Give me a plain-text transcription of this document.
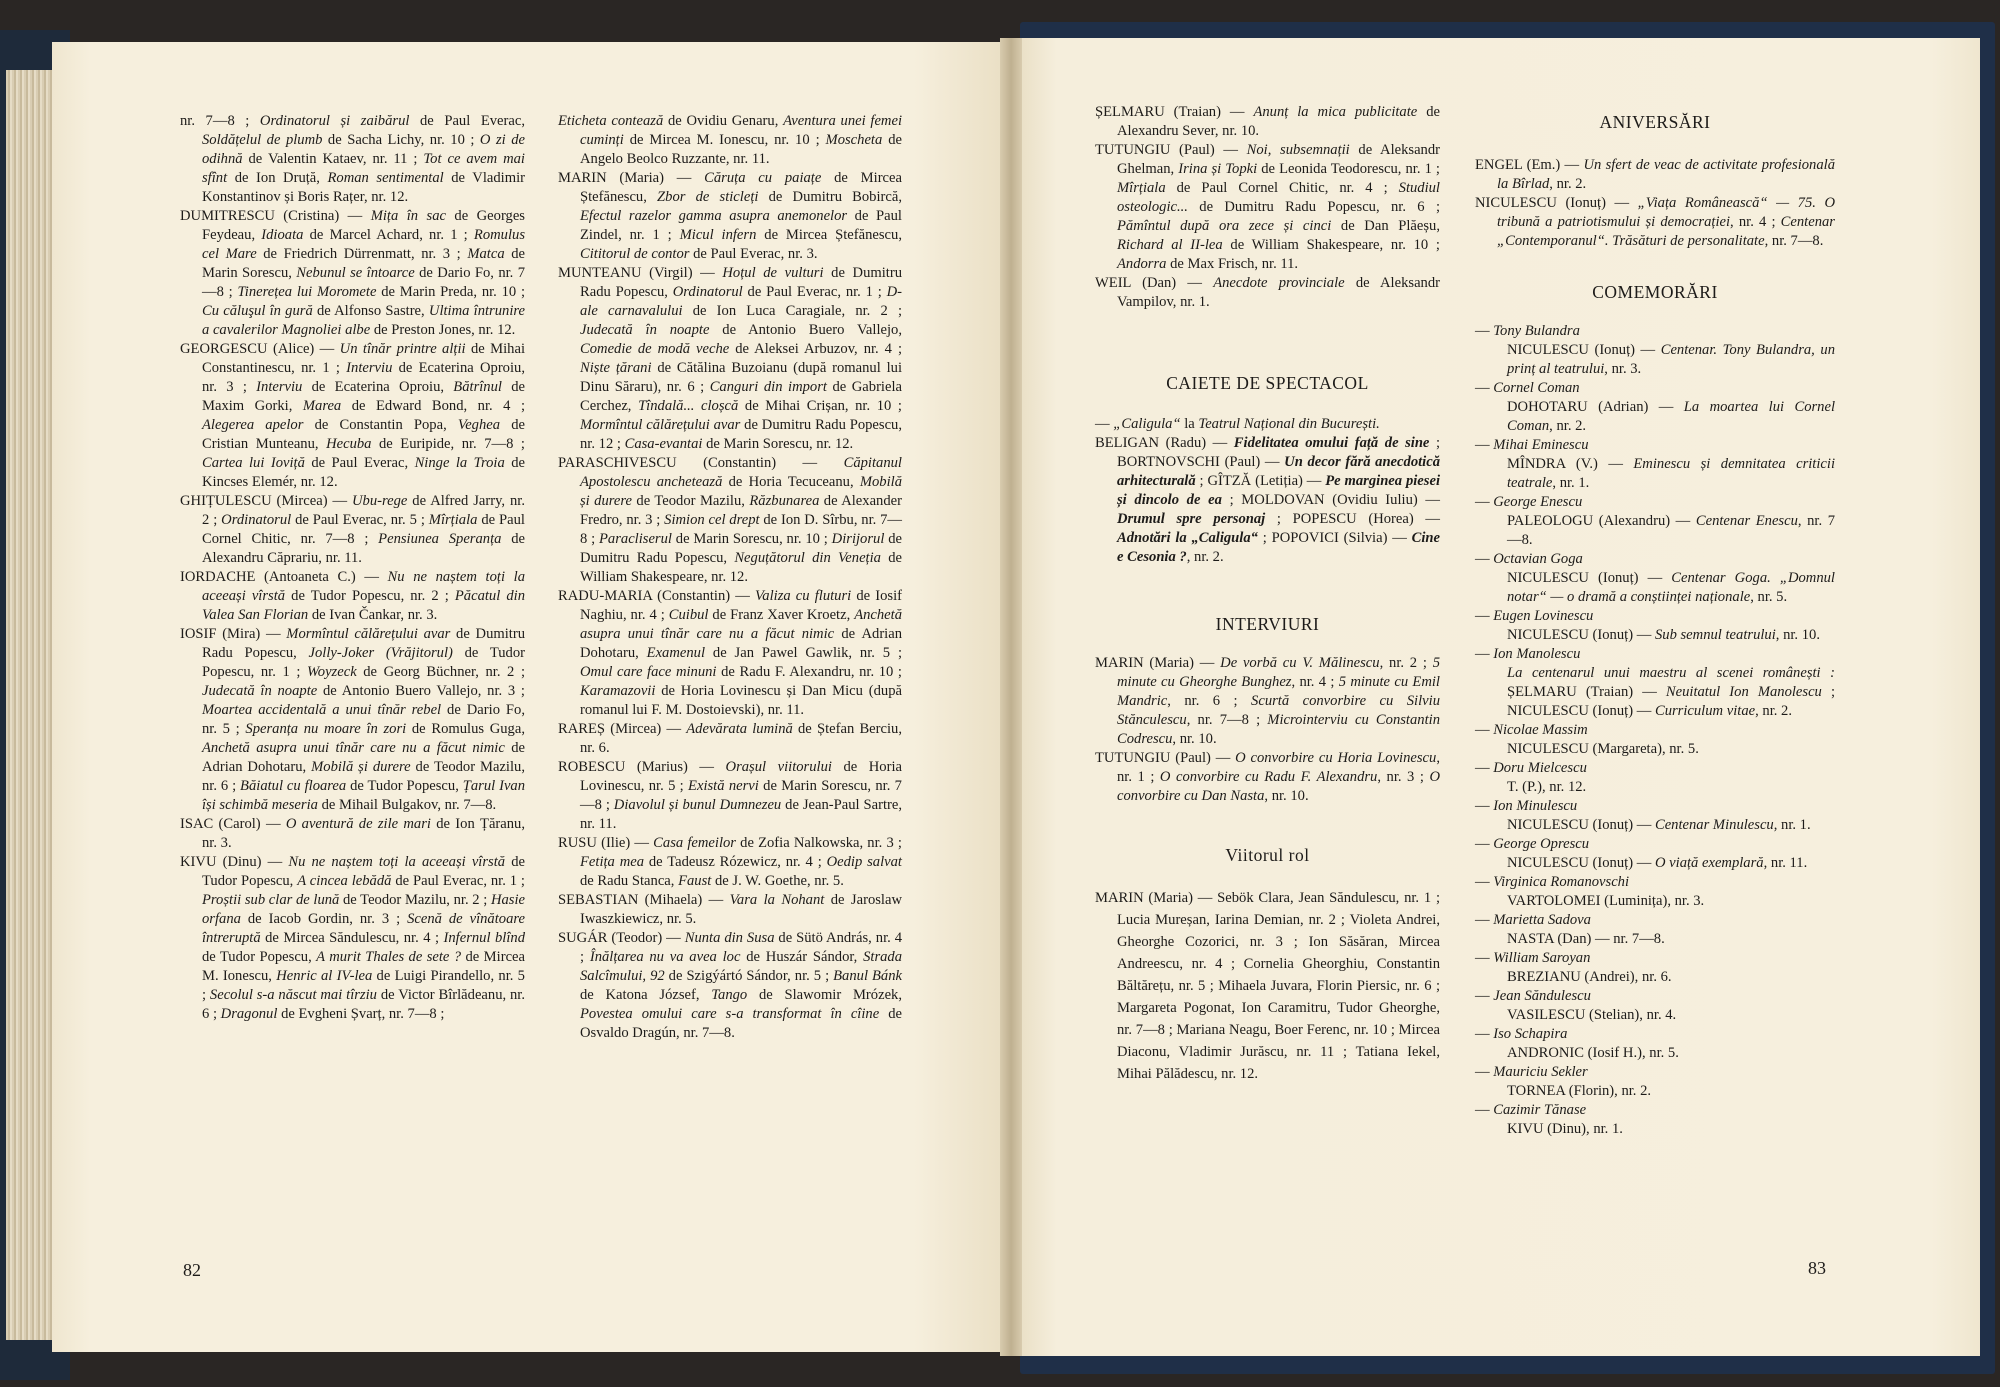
nr. 7—8 ; Ordinatorul și zaibărul de Paul Everac, Soldățelul de plumb de Sacha Lichy, nr. 10 ; O zi de odihnă de Valentin Kataev, nr. 11 ; Tot ce avem mai sfînt de Ion Druță, Roman sentimental de Vladimir Konstantinov și Boris Rațer, nr. 12.

DUMITRESCU (Cristina) — Mița în sac de Georges Feydeau, Idioata de Marcel Achard, nr. 1 ; Romulus cel Mare de Friedrich Dürrenmatt, nr. 3 ; Matca de Marin Sorescu, Nebunul se întoarce de Dario Fo, nr. 7—8 ; Tinerețea lui Moromete de Marin Preda, nr. 10 ; Cu căluşul în gură de Alfonso Sastre, Ultima întrunire a cavalerilor Magnoliei albe de Preston Jones, nr. 12.

GEORGESCU (Alice) — Un tînăr printre alții de Mihai Constantinescu, nr. 1 ; Interviu de Ecaterina Oproiu, nr. 3 ; Interviu de Ecaterina Oproiu, Bătrînul de Maxim Gorki, Marea de Edward Bond, nr. 4 ; Alegerea apelor de Constantin Popa, Veghea de Cristian Munteanu, Hecuba de Euripide, nr. 7—8 ; Cartea lui Ioviță de Paul Everac, Ninge la Troia de Kincses Elemér, nr. 12.

GHIȚULESCU (Mircea) — Ubu-rege de Alfred Jarry, nr. 2 ; Ordinatorul de Paul Everac, nr. 5 ; Mîrțiala de Paul Cornel Chitic, nr. 7—8 ; Pensiunea Speranța de Alexandru Căprariu, nr. 11.

IORDACHE (Antoaneta C.) — Nu ne naștem toți la aceeași vîrstă de Tudor Popescu, nr. 2 ; Păcatul din Valea San Florian de Ivan Čankar, nr. 3.

IOSIF (Mira) — Mormîntul călărețului avar de Dumitru Radu Popescu, Jolly-Joker (Vrăjitorul) de Tudor Popescu, nr. 1 ; Woyzeck de Georg Büchner, nr. 2 ; Judecată în noapte de Antonio Buero Vallejo, nr. 3 ; Moartea accidentală a unui tînăr rebel de Dario Fo, nr. 5 ; Speranța nu moare în zori de Romulus Guga, Anchetă asupra unui tînăr care nu a făcut nimic de Adrian Dohotaru, Mobilă și durere de Teodor Mazilu, nr. 6 ; Băiatul cu floarea de Tudor Popescu, Țarul Ivan își schimbă meseria de Mihail Bulgakov, nr. 7—8.

ISAC (Carol) — O aventură de zile mari de Ion Țăranu, nr. 3.

KIVU (Dinu) — Nu ne naștem toți la aceeași vîrstă de Tudor Popescu, A cincea lebădă de Paul Everac, nr. 1 ; Proștii sub clar de lună de Teodor Mazilu, nr. 2 ; Hasie orfana de Iacob Gordin, nr. 3 ; Scenă de vînătoare întreruptă de Mircea Săndulescu, nr. 4 ; Infernul blînd de Tudor Popescu, A murit Thales de sete ? de Mircea M. Ionescu, Henric al IV-lea de Luigi Pirandello, nr. 5 ; Secolul s-a născut mai tîrziu de Victor Bîrlădeanu, nr. 6 ; Dragonul de Evgheni Șvarț, nr. 7—8 ;

Eticheta contează de Ovidiu Genaru, Aventura unei femei cuminți de Mircea M. Ionescu, nr. 10 ; Moscheta de Angelo Beolco Ruzzante, nr. 11.

MARIN (Maria) — Căruța cu paiațe de Mircea Ștefănescu, Zbor de sticleți de Dumitru Bobircă, Efectul razelor gamma asupra anemonelor de Paul Zindel, nr. 1 ; Micul infern de Mircea Ștefănescu, Cititorul de contor de Paul Everac, nr. 3.

MUNTEANU (Virgil) — Hoțul de vulturi de Dumitru Radu Popescu, Ordinatorul de Paul Everac, nr. 1 ; D-ale carnavalului de Ion Luca Caragiale, nr. 2 ; Judecată în noapte de Antonio Buero Vallejo, Comedie de modă veche de Aleksei Arbuzov, nr. 4 ; Niște țărani de Cătălina Buzoianu (după romanul lui Dinu Săraru), nr. 6 ; Canguri din import de Gabriela Cerchez, Tîndală... cloșcă de Mihai Crișan, nr. 10 ; Mormîntul călărețului avar de Dumitru Radu Popescu, nr. 12 ; Casa-evantai de Marin Sorescu, nr. 12.

PARASCHIVESCU (Constantin) — Căpitanul Apostolescu anchetează de Horia Tecuceanu, Mobilă și durere de Teodor Mazilu, Răzbunarea de Alexander Fredro, nr. 3 ; Simion cel drept de Ion D. Sîrbu, nr. 7—8 ; Paracliserul de Marin Sorescu, nr. 10 ; Dirijorul de Dumitru Radu Popescu, Neguțătorul din Veneția de William Shakespeare, nr. 12.

RADU-MARIA (Constantin) — Valiza cu fluturi de Iosif Naghiu, nr. 4 ; Cuibul de Franz Xaver Kroetz, Anchetă asupra unui tînăr care nu a făcut nimic de Adrian Dohotaru, Examenul de Jan Pawel Gawlik, nr. 5 ; Omul care face minuni de Radu F. Alexandru, nr. 10 ; Karamazovii de Horia Lovinescu și Dan Micu (după romanul lui F. M. Dostoievski), nr. 11.

RAREȘ (Mircea) — Adevărata lumină de Ștefan Berciu, nr. 6.

ROBESCU (Marius) — Orașul viitorului de Horia Lovinescu, nr. 5 ; Există nervi de Marin Sorescu, nr. 7—8 ; Diavolul și bunul Dumnezeu de Jean-Paul Sartre, nr. 11.

RUSU (Ilie) — Casa femeilor de Zofia Nalkowska, nr. 3 ; Fetița mea de Tadeusz Rózewicz, nr. 4 ; Oedip salvat de Radu Stanca, Faust de J. W. Goethe, nr. 5.

SEBASTIAN (Mihaela) — Vara la Nohant de Jaroslaw Iwaszkiewicz, nr. 5.

SUGÁR (Teodor) — Nunta din Susa de Sütö András, nr. 4 ; Înălțarea nu va avea loc de Huszár Sándor, Strada Salcîmului, 92 de Szigýártó Sándor, nr. 5 ; Banul Bánk de Katona József, Tango de Slawomir Mrózek, Povestea omului care s-a transformat în cîine de Osvaldo Dragún, nr. 7—8.

ȘELMARU (Traian) — Anunț la mica publicitate de Alexandru Sever, nr. 10.

TUTUNGIU (Paul) — Noi, subsemnații de Aleksandr Ghelman, Irina și Topki de Leonida Teodorescu, nr. 1 ; Mîrțiala de Paul Cornel Chitic, nr. 4 ; Studiul osteologic... de Dumitru Radu Popescu, nr. 6 ; Pămîntul după ora zece și cinci de Dan Plăeșu, Richard al II-lea de William Shakespeare, nr. 10 ; Andorra de Max Frisch, nr. 11.

WEIL (Dan) — Anecdote provinciale de Aleksandr Vampilov, nr. 1.

CAIETE DE SPECTACOL

— „Caligula“ la Teatrul Național din București.

BELIGAN (Radu) — Fidelitatea omului față de sine ; BORTNOVSCHI (Paul) — Un decor fără anecdotică arhitecturală ; GÎTZĂ (Letiția) — Pe marginea piesei și dincolo de ea ; MOLDOVAN (Ovidiu Iuliu) — Drumul spre personaj ; POPESCU (Horea) — Adnotări la „Caligula“ ; POPOVICI (Silvia) — Cine e Cesonia ?, nr. 2.

INTERVIURI

MARIN (Maria) — De vorbă cu V. Mălinescu, nr. 2 ; 5 minute cu Gheorghe Bunghez, nr. 4 ; 5 minute cu Emil Mandric, nr. 6 ; Scurtă convorbire cu Silviu Stănculescu, nr. 7—8 ; Microinterviu cu Constantin Codrescu, nr. 10.

TUTUNGIU (Paul) — O convorbire cu Horia Lovinescu, nr. 1 ; O convorbire cu Radu F. Alexandru, nr. 3 ; O convorbire cu Dan Nasta, nr. 10.

Viitorul rol

MARIN (Maria) — Sebök Clara, Jean Săndulescu, nr. 1 ; Lucia Mureșan, Iarina Demian, nr. 2 ; Violeta Andrei, Gheorghe Cozorici, nr. 3 ; Ion Săsăran, Mircea Andreescu, nr. 4 ; Cornelia Gheorghiu, Constantin Băltărețu, nr. 5 ; Mihaela Juvara, Florin Piersic, nr. 6 ; Margareta Pogonat, Ion Caramitru, Tudor Gheorghe, nr. 7—8 ; Mariana Neagu, Boer Ferenc, nr. 10 ; Mircea Diaconu, Vladimir Jurăscu, nr. 11 ; Tatiana Iekel, Mihai Pălădescu, nr. 12.

ANIVERSĂRI

ENGEL (Em.) — Un sfert de veac de activitate profesională la Bîrlad, nr. 2.

NICULESCU (Ionuț) — „Viața Românească“ — 75. O tribună a patriotismului și democrației, nr. 4 ; Centenar „Contemporanul“. Trăsături de personalitate, nr. 7—8.

COMEMORĂRI

— Tony Bulandra

NICULESCU (Ionuț) — Centenar. Tony Bulandra, un prinț al teatrului, nr. 3.

— Cornel Coman

DOHOTARU (Adrian) — La moartea lui Cornel Coman, nr. 2.

— Mihai Eminescu

MÎNDRA (V.) — Eminescu și demnitatea criticii teatrale, nr. 1.

— George Enescu

PALEOLOGU (Alexandru) — Centenar Enescu, nr. 7—8.

— Octavian Goga

NICULESCU (Ionuț) — Centenar Goga. „Domnul notar“ — o dramă a conștiinței naționale, nr. 5.

— Eugen Lovinescu

NICULESCU (Ionuț) — Sub semnul teatrului, nr. 10.

— Ion Manolescu

La centenarul unui maestru al scenei românești : ȘELMARU (Traian) — Neuitatul Ion Manolescu ; NICULESCU (Ionuț) — Curriculum vitae, nr. 2.

— Nicolae Massim

NICULESCU (Margareta), nr. 5.

— Doru Mielcescu

T. (P.), nr. 12.

— Ion Minulescu

NICULESCU (Ionuț) — Centenar Minulescu, nr. 1.

— George Oprescu

NICULESCU (Ionuț) — O viață exemplară, nr. 11.

— Virginica Romanovschi

VARTOLOMEI (Luminița), nr. 3.

— Marietta Sadova

NASTA (Dan) — nr. 7—8.

— William Saroyan

BREZIANU (Andrei), nr. 6.

— Jean Săndulescu

VASILESCU (Stelian), nr. 4.

— Iso Schapira

ANDRONIC (Iosif H.), nr. 5.

— Mauriciu Sekler

TORNEA (Florin), nr. 2.

— Cazimir Tănase

KIVU (Dinu), nr. 1.

82	83
